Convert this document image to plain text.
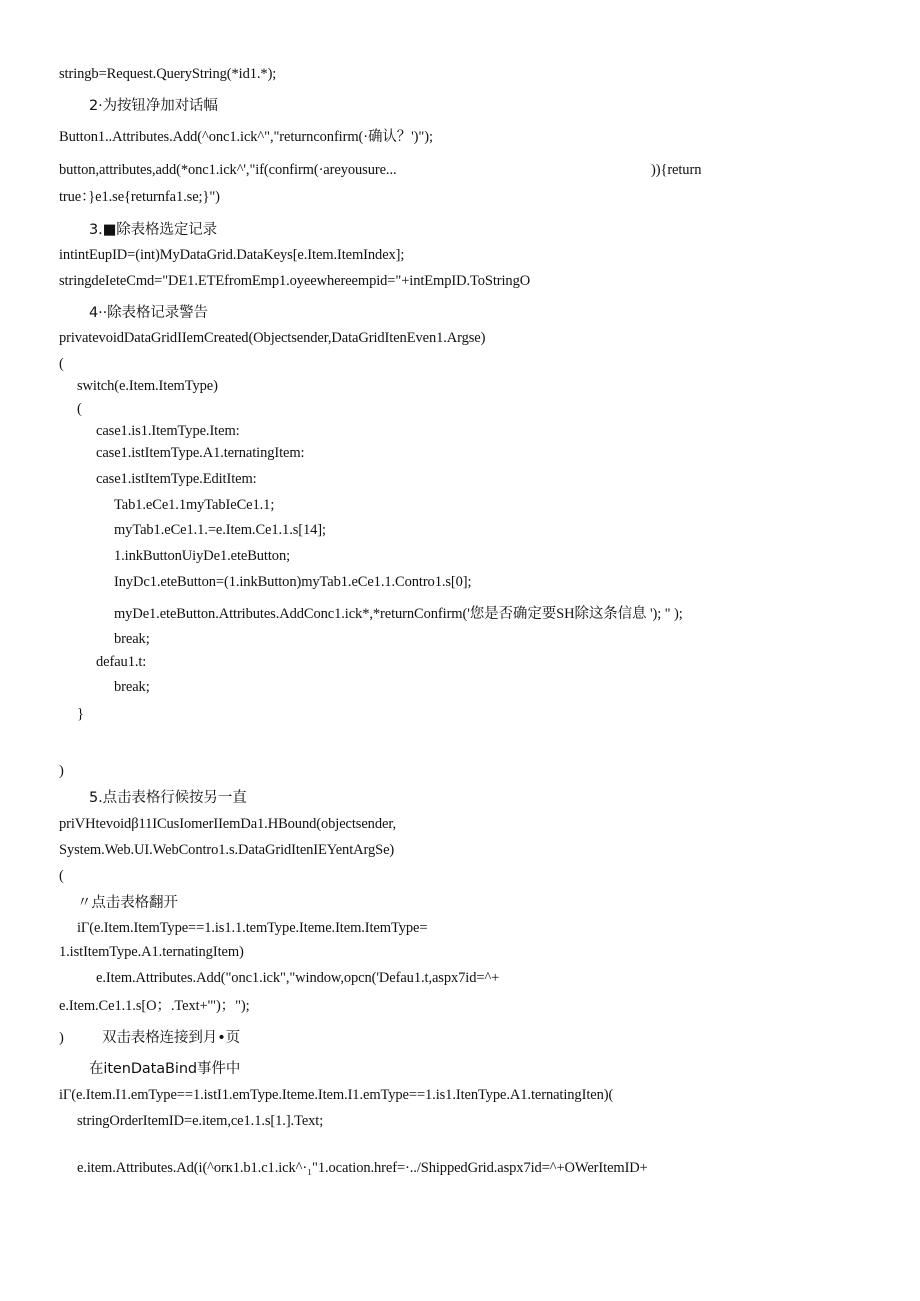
stringb=Request.QueryString(*id1.*);
2·为按钮净加对话幅
Button1..Attributes.Add(^onc1.ick^","returnconfirm(·确认？')");
button,attributes,add(*onc1.ick^',"if(confirm(·areyousure...	)){return
true：}e1.se{returnfa1.se;}")
3.■除表格选定记录
intintEupID=(int)MyDataGrid.DataKeys[e.Item.ItemIndex];
stringdeIeteCmd="DE1.ETEfromEmp1.oyeewhereempid="+intEmpID.ToStringO
4··除表格记录警告
privatevoidDataGridIIemCreated(Objectsender,DataGridItenEven1.Argse)
(
switch(e.Item.ItemType)
(
case1.is1.ItemType.Item:
case1.istItemType.A1.ternatingItem:
case1.istItemType.EditItem:
Tab1.eCe1.1myTabIeCe1.1;
myTab1.eCe1.1.=e.Item.Ce1.1.s[14];
1.inkButtonUiyDe1.eteButton;
InyDc1.eteButton=(1.inkButton)myTab1.eCe1.1.Contro1.s[0];
myDe1.eteButton.Attributes.AddConc1.ick*,*returnConfirm('您是否确定要SH除这条信息 '); " );
break;
defau1.t:
break;
}
)
5.点击表格行候按另一直
priVHtevoidβ11ICusIomerIIemDa1.HBound(objectsender,
System.Web.UI.WebContro1.s.DataGridItenIEYentArgSe)
(
〃点击表格翻开
iΓ(e.Item.ItemType==1.is1.1.temType.Iteme.Item.ItemType=
1.istItemType.A1.ternatingItem)
e.Item.Attributes.Add("onc1.ick","window,opcn('Defau1.t,aspx7id=^+
e.Item.Ce1.1.s[O；.Text+'")；");
)	双击表格连接到月•页
在itenDataBind事件中
iΓ(e.Item.I1.emType==1.istI1.emType.Iteme.Item.I1.emType==1.is1.ItenType.A1.ternatingIten)(
stringOrderItemID=e.item,ce1.1.s[1.].Text;
e.item.Attributes.Ad(i(^orк1.b1.c1.ick^·₁"1.ocation.href=·../ShippedGrid.aspx7id=^+OWerItemID+
